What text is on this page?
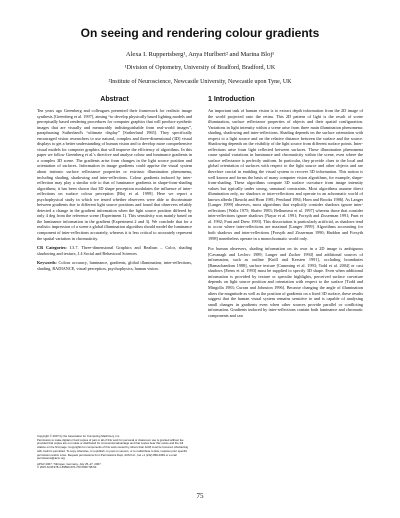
On seeing and rendering colour gradients
Alexa I. Ruppertsberg¹, Anya Hurlbert² and Marina Bloj¹
¹Division of Optometry, University of Bradford, Bradford, UK
²Institute of Neuroscience, Newcastle University, Newcastle upon Tyne, UK
Abstract

Ten years ago Greenberg and colleagues presented their framework for realistic image synthesis [Greenberg et al. 1997], aiming “to develop physically based lighting models and perceptually based rendering procedures for computer graphics that will produce synthetic images that are visually and measurably indistinguishable from real-world images”, paraphrasing Sutherland's “ultimate display” [Sutherland 1965]. They specifically encouraged vision researchers to use natural, complex and three-dimensional (3D) visual displays to get a better understanding of human vision and to develop more comprehensive visual models for computer graphics that will improve the efficiency of algorithms. In this paper we follow Greenberg et al.'s directive and analyse colour and luminance gradients in a complex 3D scene. The gradients arise from changes in the light source position and orientation of surfaces. Information in image gradients could apprise the visual system about intrinsic surface reflectance properties or extrinsic illumination phenomena, including shading, shadowing and inter-reflections. Colour gradients induced by inter-reflection may play a similar role to that of luminance gradients in shape-from-shading algorithms; it has been shown that 3D shape perception modulates the influence of inter-reflections on surface colour perception [Bloj et al. 1999]. Here we report a psychophysical study in which we tested whether observers were able to discriminate between gradients due to different light source positions and found that observers reliably detected a change in the gradient information when the light source position differed by only 4 deg from the reference scene (Experiment 1). This sensitivity was mainly based on the luminance information in the gradient (Experiment 2 and 3). We conclude that for a realistic impression of a scene a global illumination algorithm should model the luminance component of inter-reflections accurately, whereas it is less critical to accurately represent the spatial variation in chromaticity.

CR Categories: I.3.7. Three-dimensional Graphics and Realism – Color, shading shadowing and texture, J.4 Social and Behavioral Sciences

Keywords: Colour accuracy, luminance, gradients, global illumination, inter-reflections, shading, RADIANCE, visual perception, psychophysics, human vision.

Copyright © 2007 by the Association for Computing Machinery, Inc.
Permission to make digital or hard copies of part or all of this work for personal or classroom use is granted without fee provided that copies are not made or distributed for commercial advantage and that copies bear this notice and the full citation on the first page. Copyrights for components of this work owned by others than ACM must be honored. Abstracting with credit is permitted. To copy otherwise, to republish, to post on servers, or to redistribute to lists, requires prior specific permission and/or a fee. Request permissions from Permissions Dept, ACM Inc., fax +1 (212) 869-0481 or e-mail permissions@acm.org.
APGV 2007, Tübingen, Germany, July 25–27, 2007.
© 2007 ACM 978-1-59593-670-7/07/0007 $5.00
1 Introduction

An important task of human vision is to extract depth information from the 2D image of the world projected onto the retina. This 2D pattern of light is the result of scene illumination, surface reflectance properties of objects and their spatial configuration. Variations in light intensity within a scene arise from three main illumination phenomena: shading, shadowing and inter-reflections. Shading depends on the surface orientation with respect to a light source and on the relative distance between the surface and the source. Shadowing depends on the visibility of the light source from different surface points. Inter-reflections arise from light reflected between surfaces. These illumination phenomena cause spatial variations in luminance and chromaticity within the scene, even where the surface reflectance is perfectly uniform. In particular, they provide clues to the local and global orientation of surfaces with respect to the light source and other objects and are therefore crucial in enabling the visual system to recover 3D information. This notion is well known and forms the basis of many computer vision algorithms, for example, shape-from-shading. These algorithms compute 3D surface curvature from image intensity values but typically under strong, unnatural constraints. Most algorithms assume direct illumination only, no shadows or inter-reflections and operate in an achromatic world of known albedo [Ikeuchi and Horn 1981; Pentland 1984; Horn and Brooks 1986]. As Langer [Langer 1999] observes, most algorithms that explicitly consider shadows ignore inter-reflections [Waltz 1975; Shafer 1983; Belhumeur et al. 1997] whereas those that consider inter-reflections ignore shadows [Nayar et al. 1991; Forsyth and Zisserman 1991; Funt et al. 1992; Funt and Drew 1993]. This dissociation is particularly artificial, as shadows tend to occur where inter-reflections are maximal [Langer 1999]. Algorithms accounting for both shadows and inter-reflections [Forsyth and Zisserman 1990; Haddon and Forsyth 1998] nonetheless operate in a monochromatic world only.

For human observers, shading information on its own in a 2D image is ambiguous [Cavanagh and Leclerc 1989; Langer and Zucker 1994] and additional sources of information, such as outline [Knill and Kersten 1991], occluding boundaries [Ramachandran 1988], surface texture [Cumming et al. 1993; Todd et al. 2004] or cast shadows [Erens et al. 1993] must be supplied to specify 3D shape. Even when additional information is provided by texture or specular highlights, perceived surface curvature depends on light source position and orientation with respect to the surface [Todd and Mingolla 1983; Curran and Johnston 1996]. Because changing the angle of illumination alters the magnitude as well as the position of gradients on a fixed 3D surface, these results suggest that the human visual system remains sensitive to and is capable of analysing small changes in gradients even when other sources provide parallel or conflicting information. Gradients induced by inter-reflections contain both luminance and chromatic components and can

75
